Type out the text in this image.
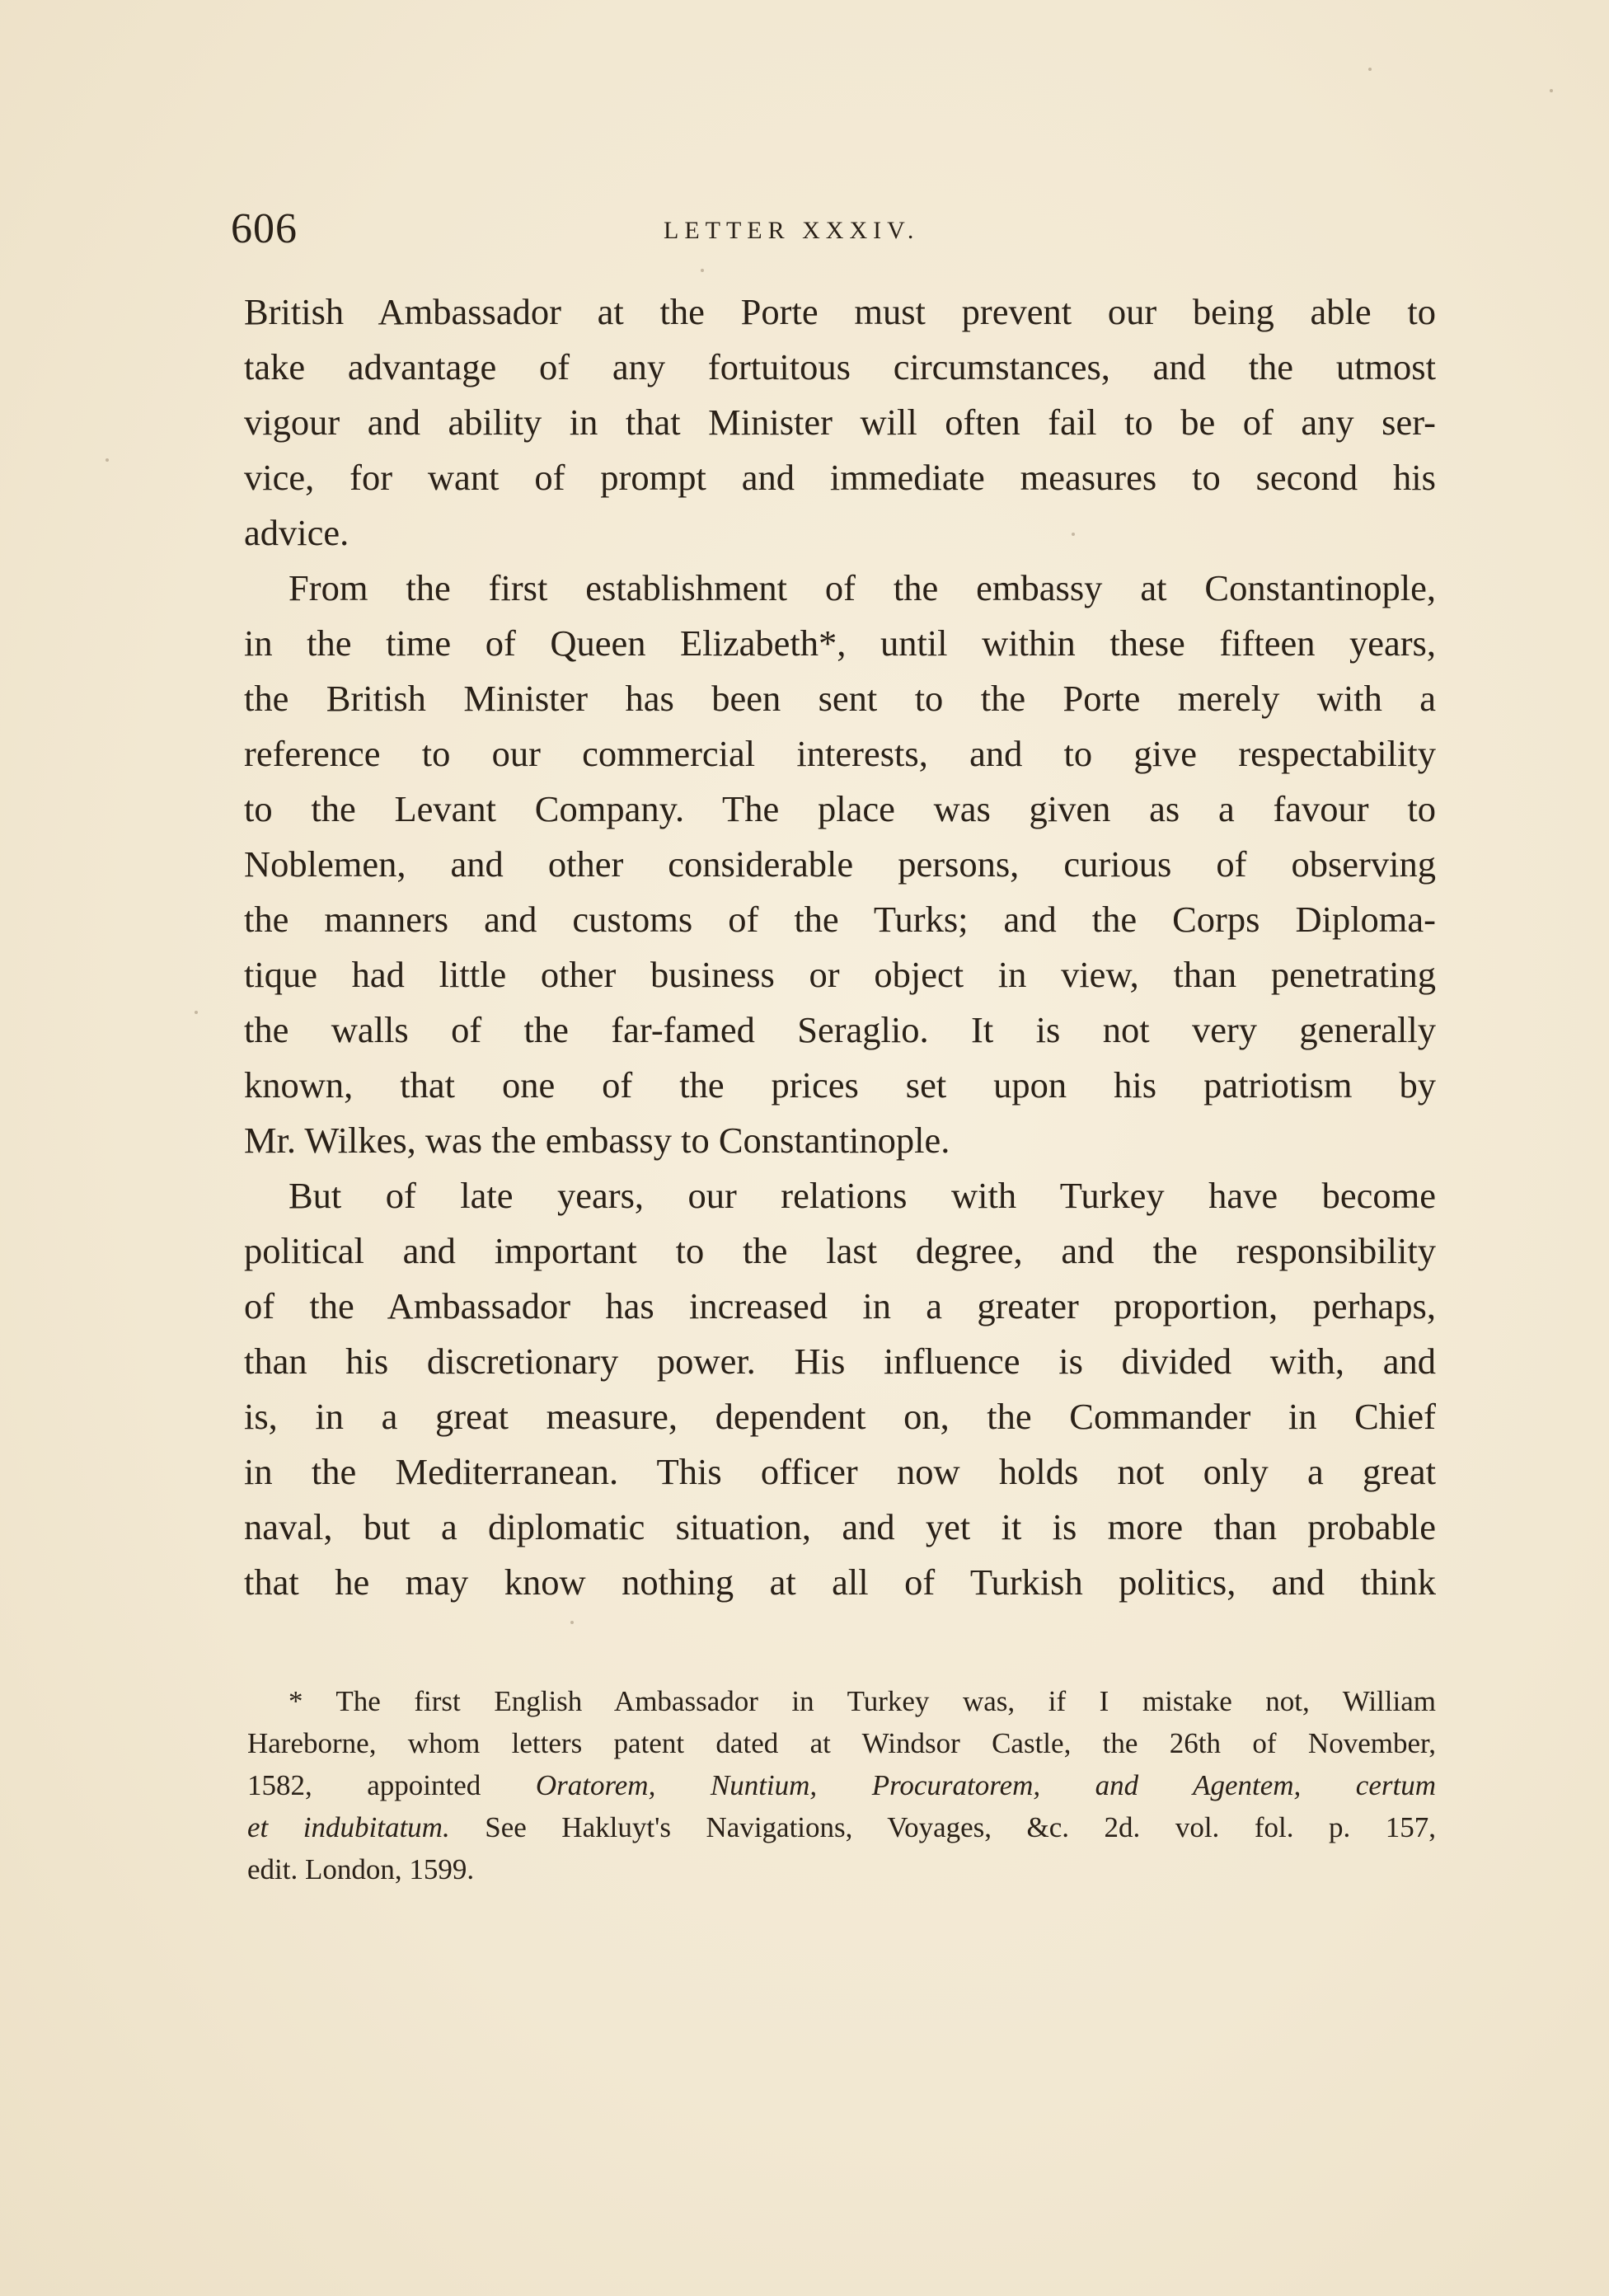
606	LETTER XXXIV.
British Ambassador at the Porte must prevent our being able to
take advantage of any fortuitous circumstances, and the utmost
vigour and ability in that Minister will often fail to be of any ser-
vice, for want of prompt and immediate measures to second his
advice.
From the first establishment of the embassy at Constantinople,
in the time of Queen Elizabeth*, until within these fifteen years,
the British Minister has been sent to the Porte merely with a
reference to our commercial interests, and to give respectability
to the Levant Company. The place was given as a favour to
Noblemen, and other considerable persons, curious of observing
the manners and customs of the Turks; and the Corps Diploma-
tique had little other business or object in view, than penetrating
the walls of the far-famed Seraglio. It is not very generally
known, that one of the prices set upon his patriotism by
Mr. Wilkes, was the embassy to Constantinople.
But of late years, our relations with Turkey have become
political and important to the last degree, and the responsibility
of the Ambassador has increased in a greater proportion, perhaps,
than his discretionary power. His influence is divided with, and
is, in a great measure, dependent on, the Commander in Chief
in the Mediterranean. This officer now holds not only a great
naval, but a diplomatic situation, and yet it is more than probable
that he may know nothing at all of Turkish politics, and think
* The first English Ambassador in Turkey was, if I mistake not, William
Hareborne, whom letters patent dated at Windsor Castle, the 26th of November,
1582, appointed Oratorem, Nuntium, Procuratorem, and Agentem, certum
et indubitatum. See Hakluyt's Navigations, Voyages, &c. 2d. vol. fol. p. 157,
edit. London, 1599.
